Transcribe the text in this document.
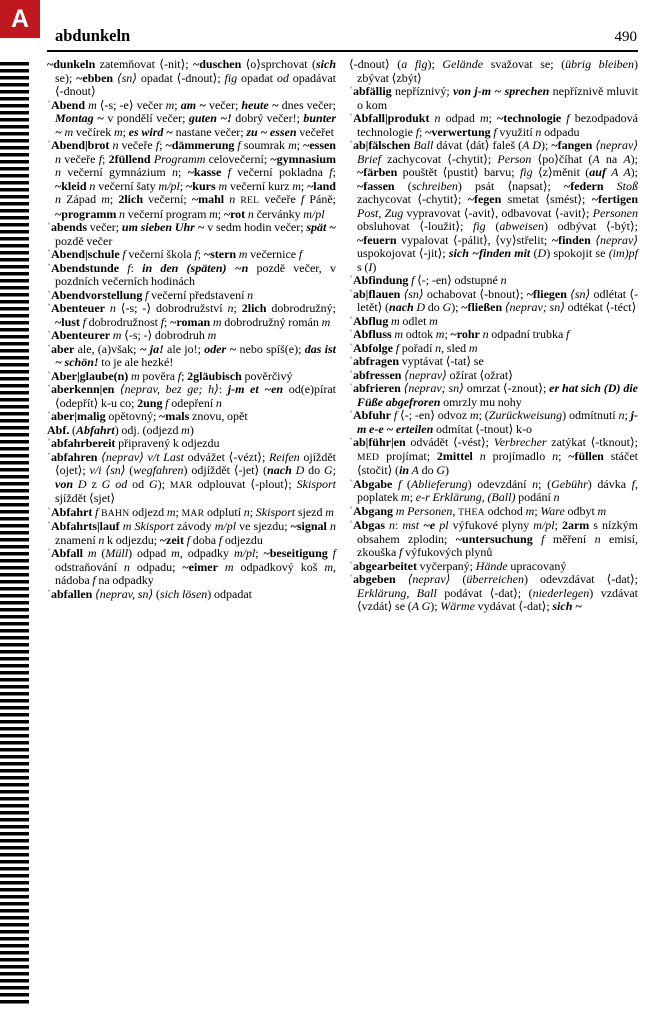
A
abdunkeln	490

~dunkeln zatemňovat ⟨-nit⟩; ~duschen ⟨o⟩sprchovat (sich se); ~ebben ⟨sn⟩ opadat ⟨-dnout⟩; fig opadat od opadávat ⟨-dnout⟩

ˈAbend m ⟨-s; -e⟩ večer m; am ~ večer; heute ~ dnes večer; Montag ~ v pondělí večer; guten ~! dobrý večer!; bunter ~ m večírek m; es wird ~ nastane večer; zu ~ essen večeřet

ˈAbend|brot n večeře f; ~dämmerung f soumrak m; ~essen n večeře f; 2füllend Programm celovečerní; ~gymnasium n večerní gymnázium n; ~kasse f večerní pokladna f; ~kleid n večerní šaty m/pl; ~kurs m večerní kurz m; ~land n Západ m; 2lich večerní; ~mahl n REL večeře f Páně; ~programm n večerní program m; ~rot n červánky m/pl

ˈabends večer; um sieben Uhr ~ v sedm hodin večer; spät ~ pozdě večer

ˈAbend|schule f večerní škola f; ~stern m večernice f

ˈAbendstunde f: in den (späten) ~n pozdě večer, v pozdních večerních hodinách

ˈAbendvorstellung f večerní představení n

ˈAbenteuer n ⟨-s; -⟩ dobrodružství n; 2lich dobrodružný; ~lust f dobrodružnost f; ~roman m dobrodružný román m

ˈAbenteurer m ⟨-s; -⟩ dobrodruh m

ˈaber ale, (a)však; ~ ja! ale jo!; oder ~ nebo spíš(e); das ist ~ schön! to je ale hezké!

ˈAber|glaube(n) m pověra f; 2gläubisch pověrčivý

ˈaberkenn|en ⟨neprav, bez ge; h⟩: j-m et ~en od(e)pírat ⟨odepřít⟩ k-u co; 2ung f odepření n

ˈaber|malig opětovný; ~mals znovu, opět

Abf. (Abfahrt) odj. (odjezd m)

ˈabfahrbereit připravený k odjezdu

ˈabfahren ⟨neprav⟩ v/t Last odvážet ⟨-vézt⟩; Reifen ojíždět ⟨ojet⟩; v/i ⟨sn⟩ (wegfahren) odjíždět ⟨-jet⟩ (nach D do G; von D z G od od G); MAR odplouvat ⟨-plout⟩; Skisport sjíždět ⟨sjet⟩

ˈAbfahrt f BAHN odjezd m; MAR odplutí n; Skisport sjezd m

ˈAbfahrts|lauf m Skisport závody m/pl ve sjezdu; ~signal n znamení n k odjezdu; ~zeit f doba f odjezdu

ˈAbfall m (Müll) odpad m, odpadky m/pl; ~beseitigung f odstraňování n odpadu; ~eimer m odpadkový koš m, nádoba f na odpadky

ˈabfallen ⟨neprav, sn⟩ (sich lösen) odpadat

⟨-dnout⟩ (a fig); Gelände svažovat se; (übrig bleiben) zbývat ⟨zbýt⟩

ˈabfällig nepříznivý; von j-m ~ sprechen nepříznivě mluvit o kom

ˈAbfall|produkt n odpad m; ~technologie f bezodpadová technologie f; ~verwertung f využití n odpadu

ˈab|fälschen Ball dávat ⟨dát⟩ faleš (A D); ~fangen ⟨neprav⟩ Brief zachycovat ⟨-chytit⟩; Person ⟨po⟩číhat (A na A); ~färben pouštět ⟨pustit⟩ barvu; fig ⟨z⟩měnit (auf A A); ~fassen (schreiben) psát ⟨napsat⟩; ~federn Stoß zachycovat ⟨-chytit⟩; ~fegen smetat ⟨smést⟩; ~fertigen Post, Zug vypravovat ⟨-avit⟩, odbavovat ⟨-avit⟩; Personen obsluhovat ⟨-loužit⟩; fig (abweisen) odbývat ⟨-být⟩; ~feuern vypalovat ⟨-pálit⟩, ⟨vy⟩střelit; ~finden ⟨neprav⟩ uspokojovat ⟨-jit⟩; sich ~finden mit (D) spokojit se (im)pf s (I)

ˈAbfindung f ⟨-; -en⟩ odstupné n

ˈab|flauen ⟨sn⟩ ochabovat ⟨-bnout⟩; ~fliegen ⟨sn⟩ odlétat ⟨-letět⟩ (nach D do G); ~fließen ⟨neprav; sn⟩ odtékat ⟨-téct⟩

ˈAbflug m odlet m

ˈAbfluss m odtok m; ~rohr n odpadní trubka f

ˈAbfolge f pořadí n, sled m

ˈabfragen vyptávat ⟨-tat⟩ se

ˈabfressen ⟨neprav⟩ ožírat ⟨ožrat⟩

ˈabfrieren ⟨neprav; sn⟩ omrzat ⟨-znout⟩; er hat sich (D) die Füße abgefroren omrzly mu nohy

ˈAbfuhr f ⟨-; -en⟩ odvoz m; (Zurückweisung) odmítnutí n; j-m e-e ~ erteilen odmítat ⟨-tnout⟩ k-o

ˈab|führ|en odvádět ⟨-vést⟩; Verbrecher zatýkat ⟨-tknout⟩; MED projímat; 2mittel n projímadlo n; ~füllen stáčet ⟨stočit⟩ (in A do G)

ˈAbgabe f (Ablieferung) odevzdání n; (Gebühr) dávka f, poplatek m; e-r Erklärung, (Ball) podání n

ˈAbgang m Personen, THEA odchod m; Ware odbyt m

ˈAbgas n: mst ~e pl výfukové plyny m/pl; 2arm s nízkým obsahem zplodin; ~untersuchung f měření n emisí, zkouška f výfukových plynů

ˈabgearbeitet vyčerpaný; Hände upracovaný

ˈabgeben ⟨neprav⟩ (überreichen) odevzdávat ⟨-dat⟩; Erklärung, Ball podávat ⟨-dat⟩; (niederlegen) vzdávat ⟨vzdát⟩ se (A G); Wärme vydávat ⟨-dat⟩; sich ~
